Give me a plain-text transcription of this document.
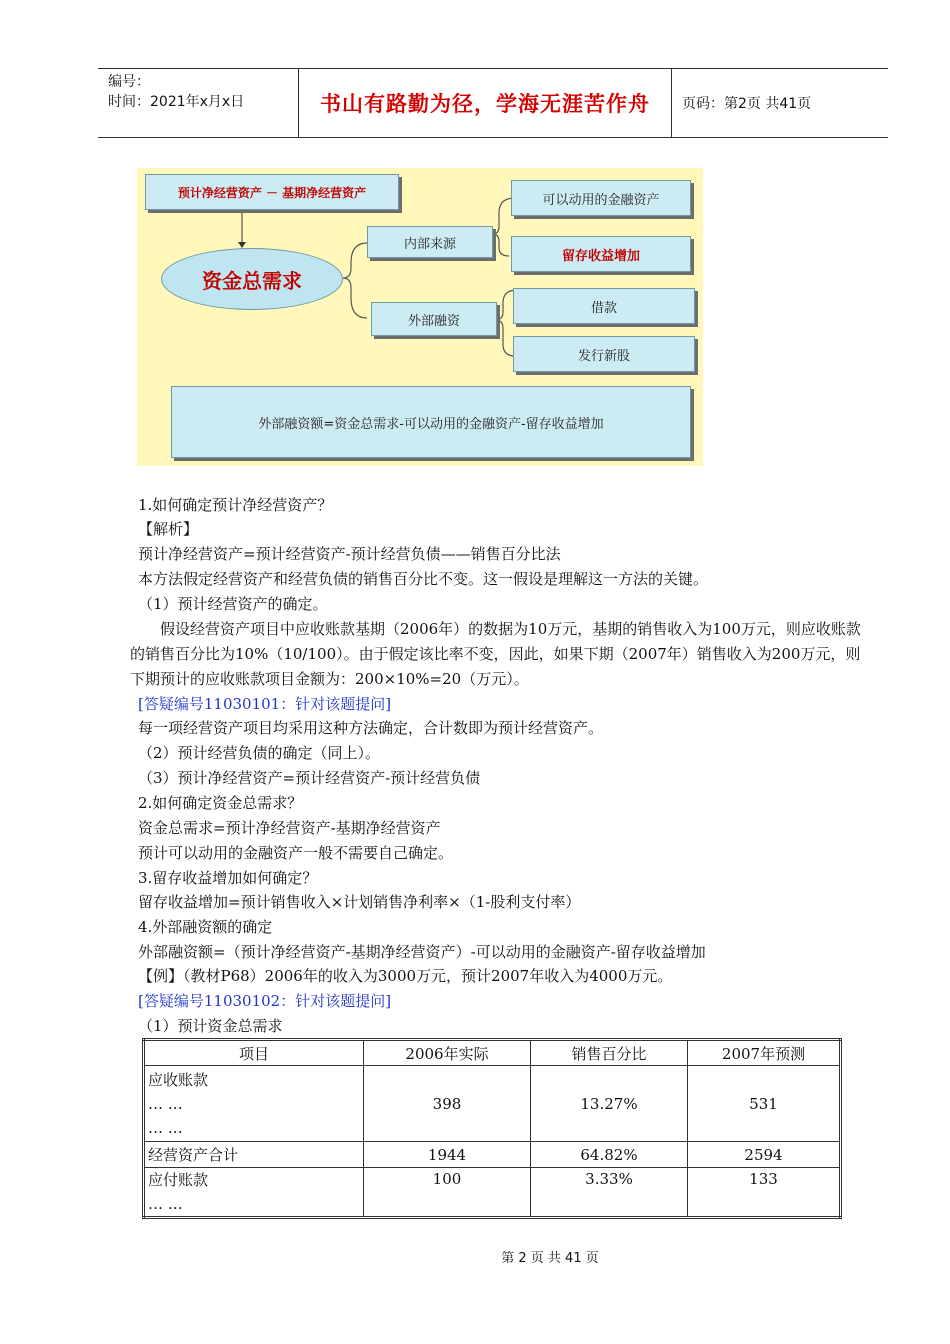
编号：
时间：2021年x月x日	书山有路勤为径，学海无涯苦作舟	页码：第2页 共41页
预计净经营资产 － 基期净经营资产
资金总需求
内部来源
外部融资
可以动用的金融资产
留存收益增加
借款
发行新股
外部融资额=资金总需求-可以动用的金融资产-留存收益增加
1.如何确定预计净经营资产？
【解析】
预计净经营资产=预计经营资产-预计经营负债——销售百分比法
本方法假定经营资产和经营负债的销售百分比不变。这一假设是理解这一方法的关键。
（1）预计经营资产的确定。
假设经营资产项目中应收账款基期（2006年）的数据为10万元，基期的销售收入为100万元，则应收账款的销售百分比为10%（10/100）。由于假定该比率不变，因此，如果下期（2007年）销售收入为200万元，则下期预计的应收账款项目金额为：200×10%=20（万元）。
[答疑编号11030101：针对该题提问]
每一项经营资产项目均采用这种方法确定，合计数即为预计经营资产。
（2）预计经营负债的确定（同上）。
（3）预计净经营资产=预计经营资产-预计经营负债
2.如何确定资金总需求？
资金总需求=预计净经营资产-基期净经营资产
预计可以动用的金融资产一般不需要自己确定。
3.留存收益增加如何确定？
留存收益增加=预计销售收入×计划销售净利率×（1-股利支付率）
4.外部融资额的确定
外部融资额=（预计净经营资产-基期净经营资产）-可以动用的金融资产-留存收益增加
【例】（教材P68）2006年的收入为3000万元，预计2007年收入为4000万元。
[答疑编号11030102：针对该题提问]
（1）预计资金总需求
项目	2006年实际	销售百分比	2007年预测

应收账款
… …
… …	398	13.27%	531
经营资产合计	1944	64.82%	2594

应付账款
… …	100	3.33%	133
第 2 页 共 41 页
